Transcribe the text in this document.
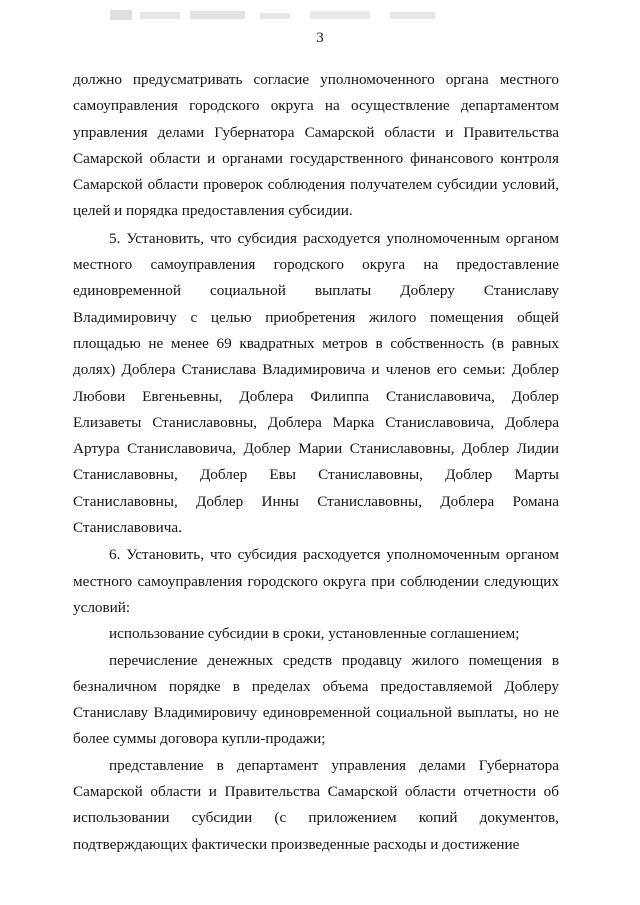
3

должно предусматривать согласие уполномоченного органа местного самоуправления городского округа на осуществление департаментом управления делами Губернатора Самарской области и Правительства Самарской области и органами государственного финансового контроля Самарской области проверок соблюдения получателем субсидии условий, целей и порядка предоставления субсидии.

5. Установить, что субсидия расходуется уполномоченным органом местного самоуправления городского округа на предоставление единовременной социальной выплаты Доблеру Станиславу Владимировичу с целью приобретения жилого помещения общей площадью не менее 69 квадратных метров в собственность (в равных долях) Доблера Станислава Владимировича и членов его семьи: Доблер Любови Евгеньевны, Доблера Филиппа Станиславовича, Доблер Елизаветы Станиславовны, Доблера Марка Станиславовича, Доблера Артура Станиславовича, Доблер Марии Станиславовны, Доблер Лидии Станиславовны, Доблер Евы Станиславовны, Доблер Марты Станиславовны, Доблер Инны Станиславовны, Доблера Романа Станиславовича.

6. Установить, что субсидия расходуется уполномоченным органом местного самоуправления городского округа при соблюдении следующих условий:

использование субсидии в сроки, установленные соглашением;

перечисление денежных средств продавцу жилого помещения в безналичном порядке в пределах объема предоставляемой Доблеру Станиславу Владимировичу единовременной социальной выплаты, но не более суммы договора купли-продажи;

представление в департамент управления делами Губернатора Самарской области и Правительства Самарской области отчетности об использовании субсидии (с приложением копий документов, подтверждающих фактически произведенные расходы и достижение
